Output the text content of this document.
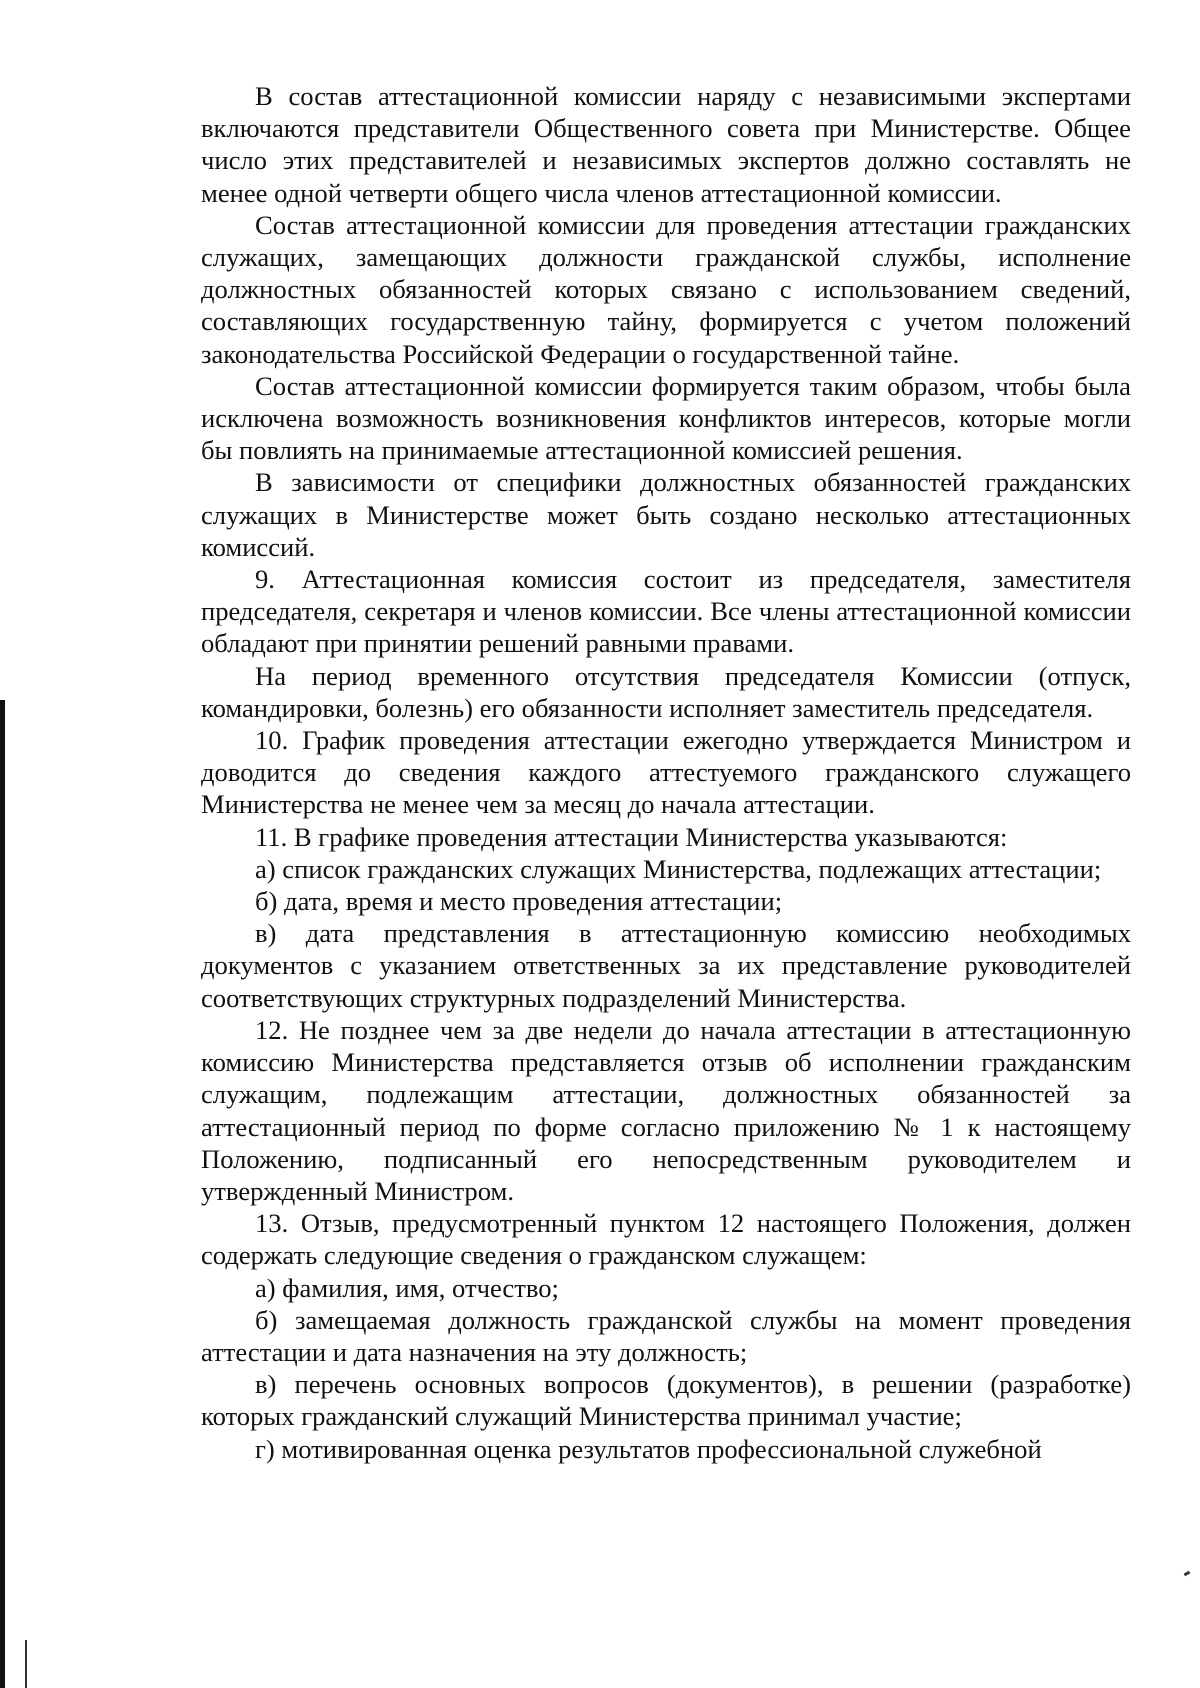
В состав аттестационной комиссии наряду с независимыми экспертами включаются представители Общественного совета при Министерстве. Общее число этих представителей и независимых экспертов должно составлять не менее одной четверти общего числа членов аттестационной комиссии.

Состав аттестационной комиссии для проведения аттестации гражданских служащих, замещающих должности гражданской службы, исполнение должностных обязанностей которых связано с использованием сведений, составляющих государственную тайну, формируется с учетом положений законодательства Российской Федерации о государственной тайне.

Состав аттестационной комиссии формируется таким образом, чтобы была исключена возможность возникновения конфликтов интересов, которые могли бы повлиять на принимаемые аттестационной комиссией решения.

В зависимости от специфики должностных обязанностей гражданских служащих в Министерстве может быть создано несколько аттестационных комиссий.

9. Аттестационная комиссия состоит из председателя, заместителя председателя, секретаря и членов комиссии. Все члены аттестационной комиссии обладают при принятии решений равными правами.

На период временного отсутствия председателя Комиссии (отпуск, командировки, болезнь) его обязанности исполняет заместитель председателя.

10. График проведения аттестации ежегодно утверждается Министром и доводится до сведения каждого аттестуемого гражданского служащего Министерства не менее чем за месяц до начала аттестации.

11. В графике проведения аттестации Министерства указываются:

а) список гражданских служащих Министерства, подлежащих аттестации;

б) дата, время и место проведения аттестации;

в) дата представления в аттестационную комиссию необходимых документов с указанием ответственных за их представление руководителей соответствующих структурных подразделений Министерства.

12. Не позднее чем за две недели до начала аттестации в аттестационную комиссию Министерства представляется отзыв об исполнении гражданским служащим, подлежащим аттестации, должностных обязанностей за аттестационный период по форме согласно приложению № 1 к настоящему Положению, подписанный его непосредственным руководителем и утвержденный Министром.

13. Отзыв, предусмотренный пунктом 12 настоящего Положения, должен содержать следующие сведения о гражданском служащем:

а) фамилия, имя, отчество;

б) замещаемая должность гражданской службы на момент проведения аттестации и дата назначения на эту должность;

в) перечень основных вопросов (документов), в решении (разработке) которых гражданский служащий Министерства принимал участие;

г) мотивированная оценка результатов профессиональной служебной
